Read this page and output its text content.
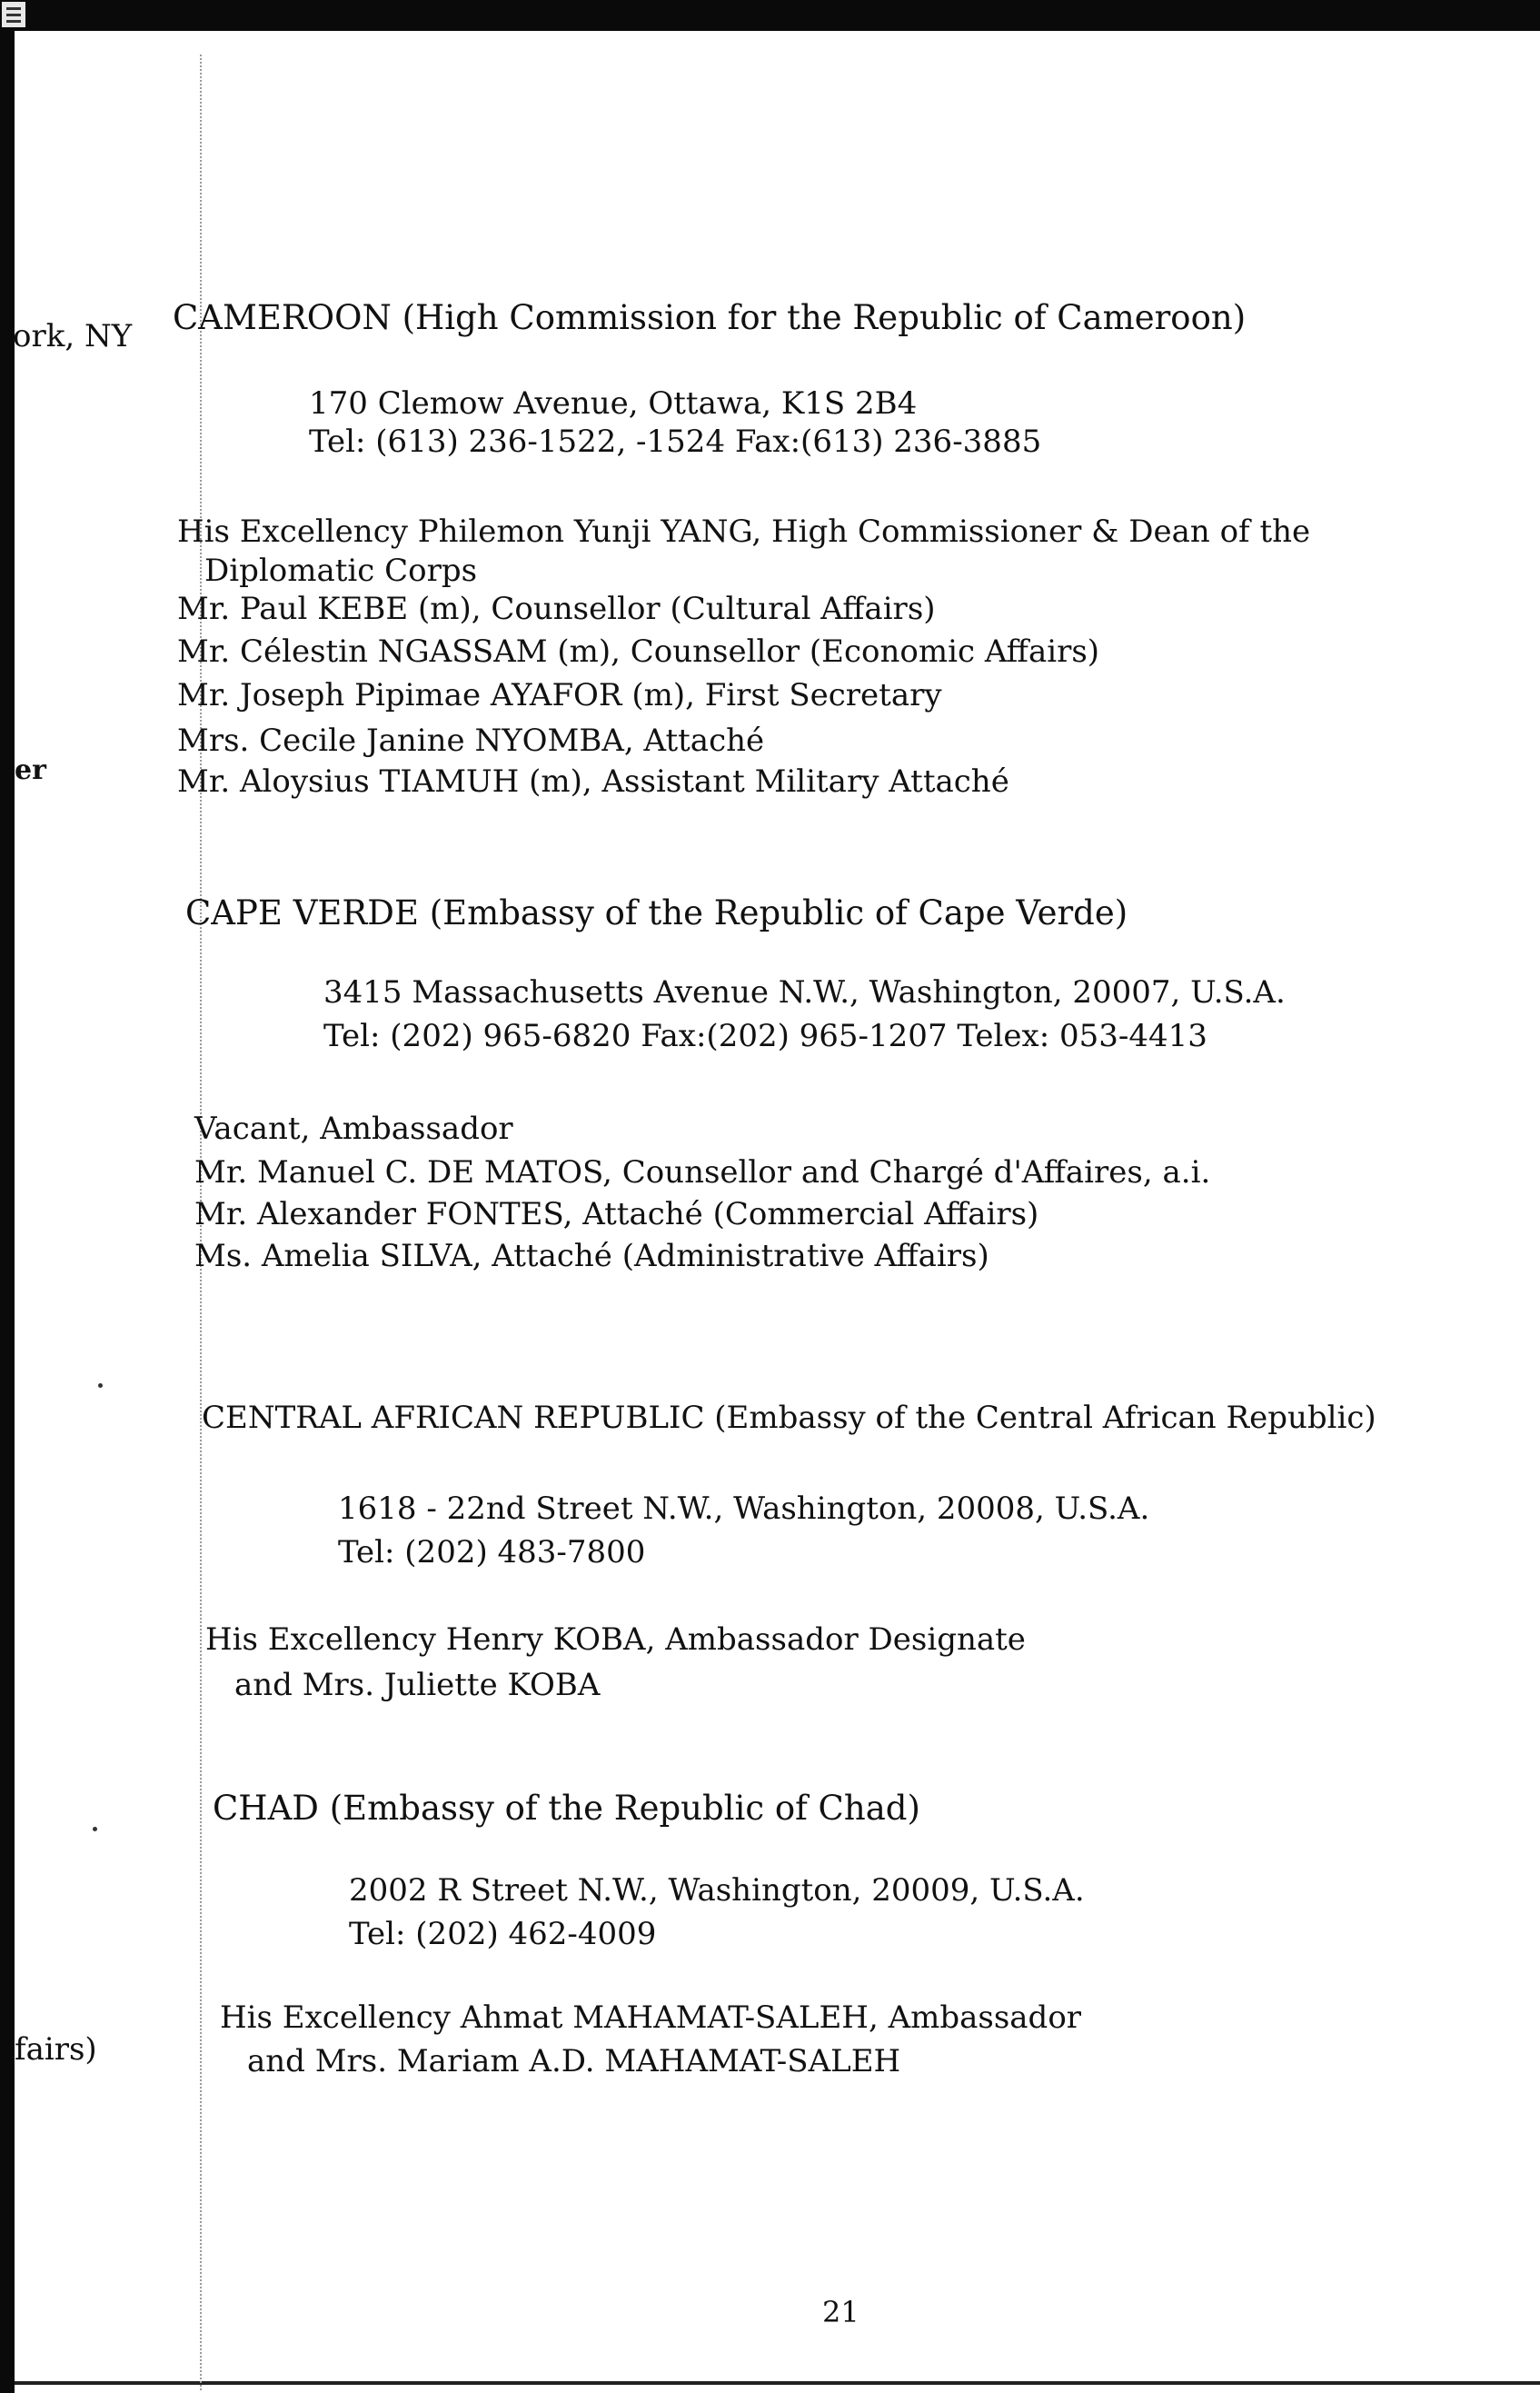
ork, NY
er
fairs)
CAMEROON (High Commission for the Republic of Cameroon)
170 Clemow Avenue, Ottawa, K1S 2B4
Tel: (613) 236-1522, -1524 Fax:(613) 236-3885
His Excellency Philemon Yunji YANG, High Commissioner & Dean of the
Diplomatic Corps
Mr. Paul KEBE (m), Counsellor (Cultural Affairs)
Mr. Célestin NGASSAM (m), Counsellor (Economic Affairs)
Mr. Joseph Pipimae AYAFOR (m), First Secretary
Mrs. Cecile Janine NYOMBA, Attaché
Mr. Aloysius TIAMUH (m), Assistant Military Attaché
CAPE VERDE (Embassy of the Republic of Cape Verde)
3415 Massachusetts Avenue N.W., Washington, 20007, U.S.A.
Tel: (202) 965-6820 Fax:(202) 965-1207 Telex: 053-4413
Vacant, Ambassador
Mr. Manuel C. DE MATOS, Counsellor and Chargé d'Affaires, a.i.
Mr. Alexander FONTES, Attaché (Commercial Affairs)
Ms. Amelia SILVA, Attaché (Administrative Affairs)
CENTRAL AFRICAN REPUBLIC (Embassy of the Central African Republic)
1618 - 22nd Street N.W., Washington, 20008, U.S.A.
Tel: (202) 483-7800
His Excellency Henry KOBA, Ambassador Designate
and Mrs. Juliette KOBA
CHAD (Embassy of the Republic of Chad)
2002 R Street N.W., Washington, 20009, U.S.A.
Tel: (202) 462-4009
His Excellency Ahmat MAHAMAT-SALEH, Ambassador
and Mrs. Mariam A.D. MAHAMAT-SALEH
21
